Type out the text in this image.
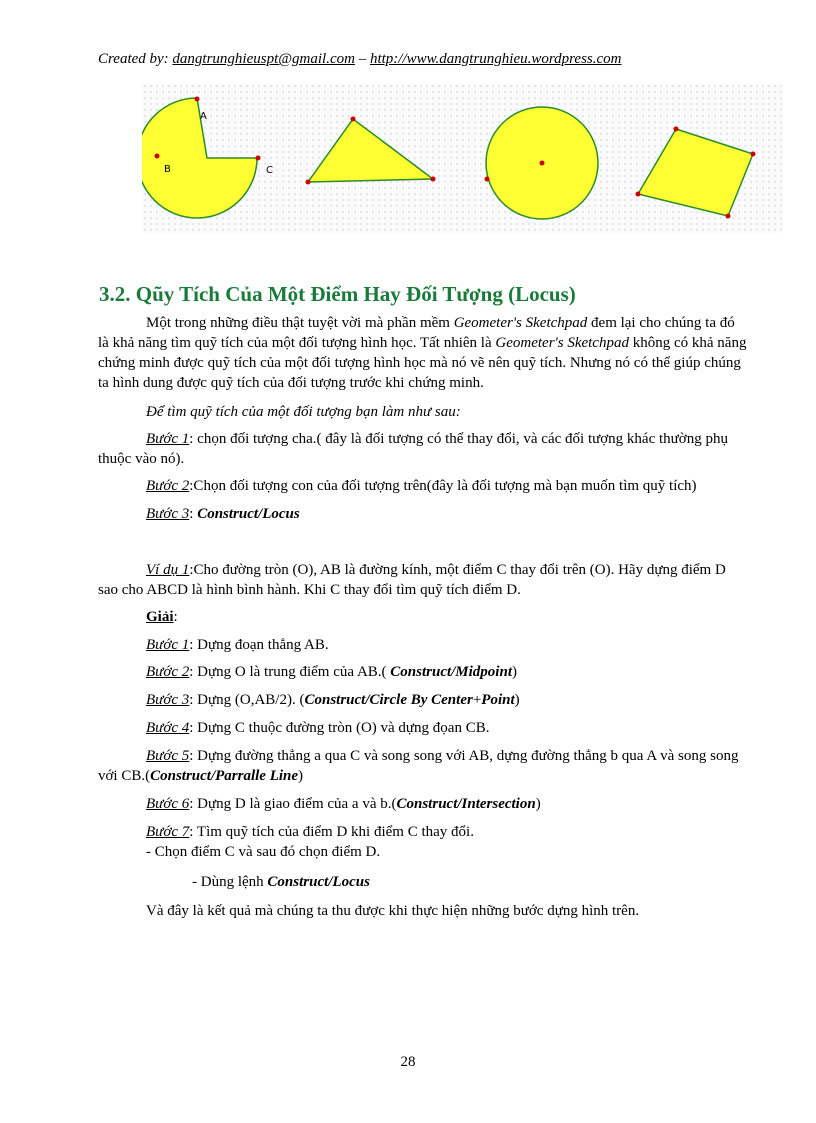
Created by: dangtrunghieuspt@gmail.com – http://www.dangtrunghieu.wordpress.com
A
B	C
3.2. Qũy Tích Của Một Điểm Hay Đối Tượng (Locus)
Một trong những điều thật tuyệt vời mà phần mềm Geometer's Sketchpad đem lại cho chúng ta đó là khả năng tìm quỹ tích của một đối tượng hình học. Tất nhiên là Geometer's Sketchpad không có khả năng chứng minh được quỹ tích của một đối tượng hình học mà nó vẽ nên quỹ tích. Nhưng nó có thể giúp chúng ta hình dung được quỹ tích của đối tượng trước khi chứng minh.
Để tìm quỹ tích của một đối tượng bạn làm như sau:
Bước 1: chọn đối tượng cha.( đây là đối tượng có thể thay đổi, và các đối tượng khác thường phụ thuộc vào nó).
Bước 2:Chọn đối tượng con của đối tượng trên(đây là đối tượng mà bạn muốn tìm quỹ tích)
Bước 3: Construct/Locus
Ví dụ 1:Cho đường tròn (O), AB là đường kính, một điểm C thay đổi trên (O). Hãy dựng điểm D sao cho ABCD là hình bình hành. Khi C thay đổi tìm quỹ tích điểm D.
Giải:
Bước 1: Dựng đoạn thẳng AB.
Bước 2: Dựng O là trung điểm của AB.( Construct/Midpoint)
Bước 3: Dựng (O,AB/2). (Construct/Circle By Center+Point)
Bước 4: Dựng C thuộc đường tròn (O) và dựng đọan CB.
Bước 5: Dựng đường thẳng a qua C và song song với AB, dựng đường thẳng b qua A và song song với CB.(Construct/Parralle Line)
Bước 6: Dựng D là giao điểm của a và b.(Construct/Intersection)
Bước 7: Tìm quỹ tích của điểm D khi điểm C thay đổi.
- Chọn điểm C và sau đó chọn điểm D.
- Dùng lệnh Construct/Locus
Và đây là kết quả mà chúng ta thu được khi thực hiện những bước dựng hình trên.
28
